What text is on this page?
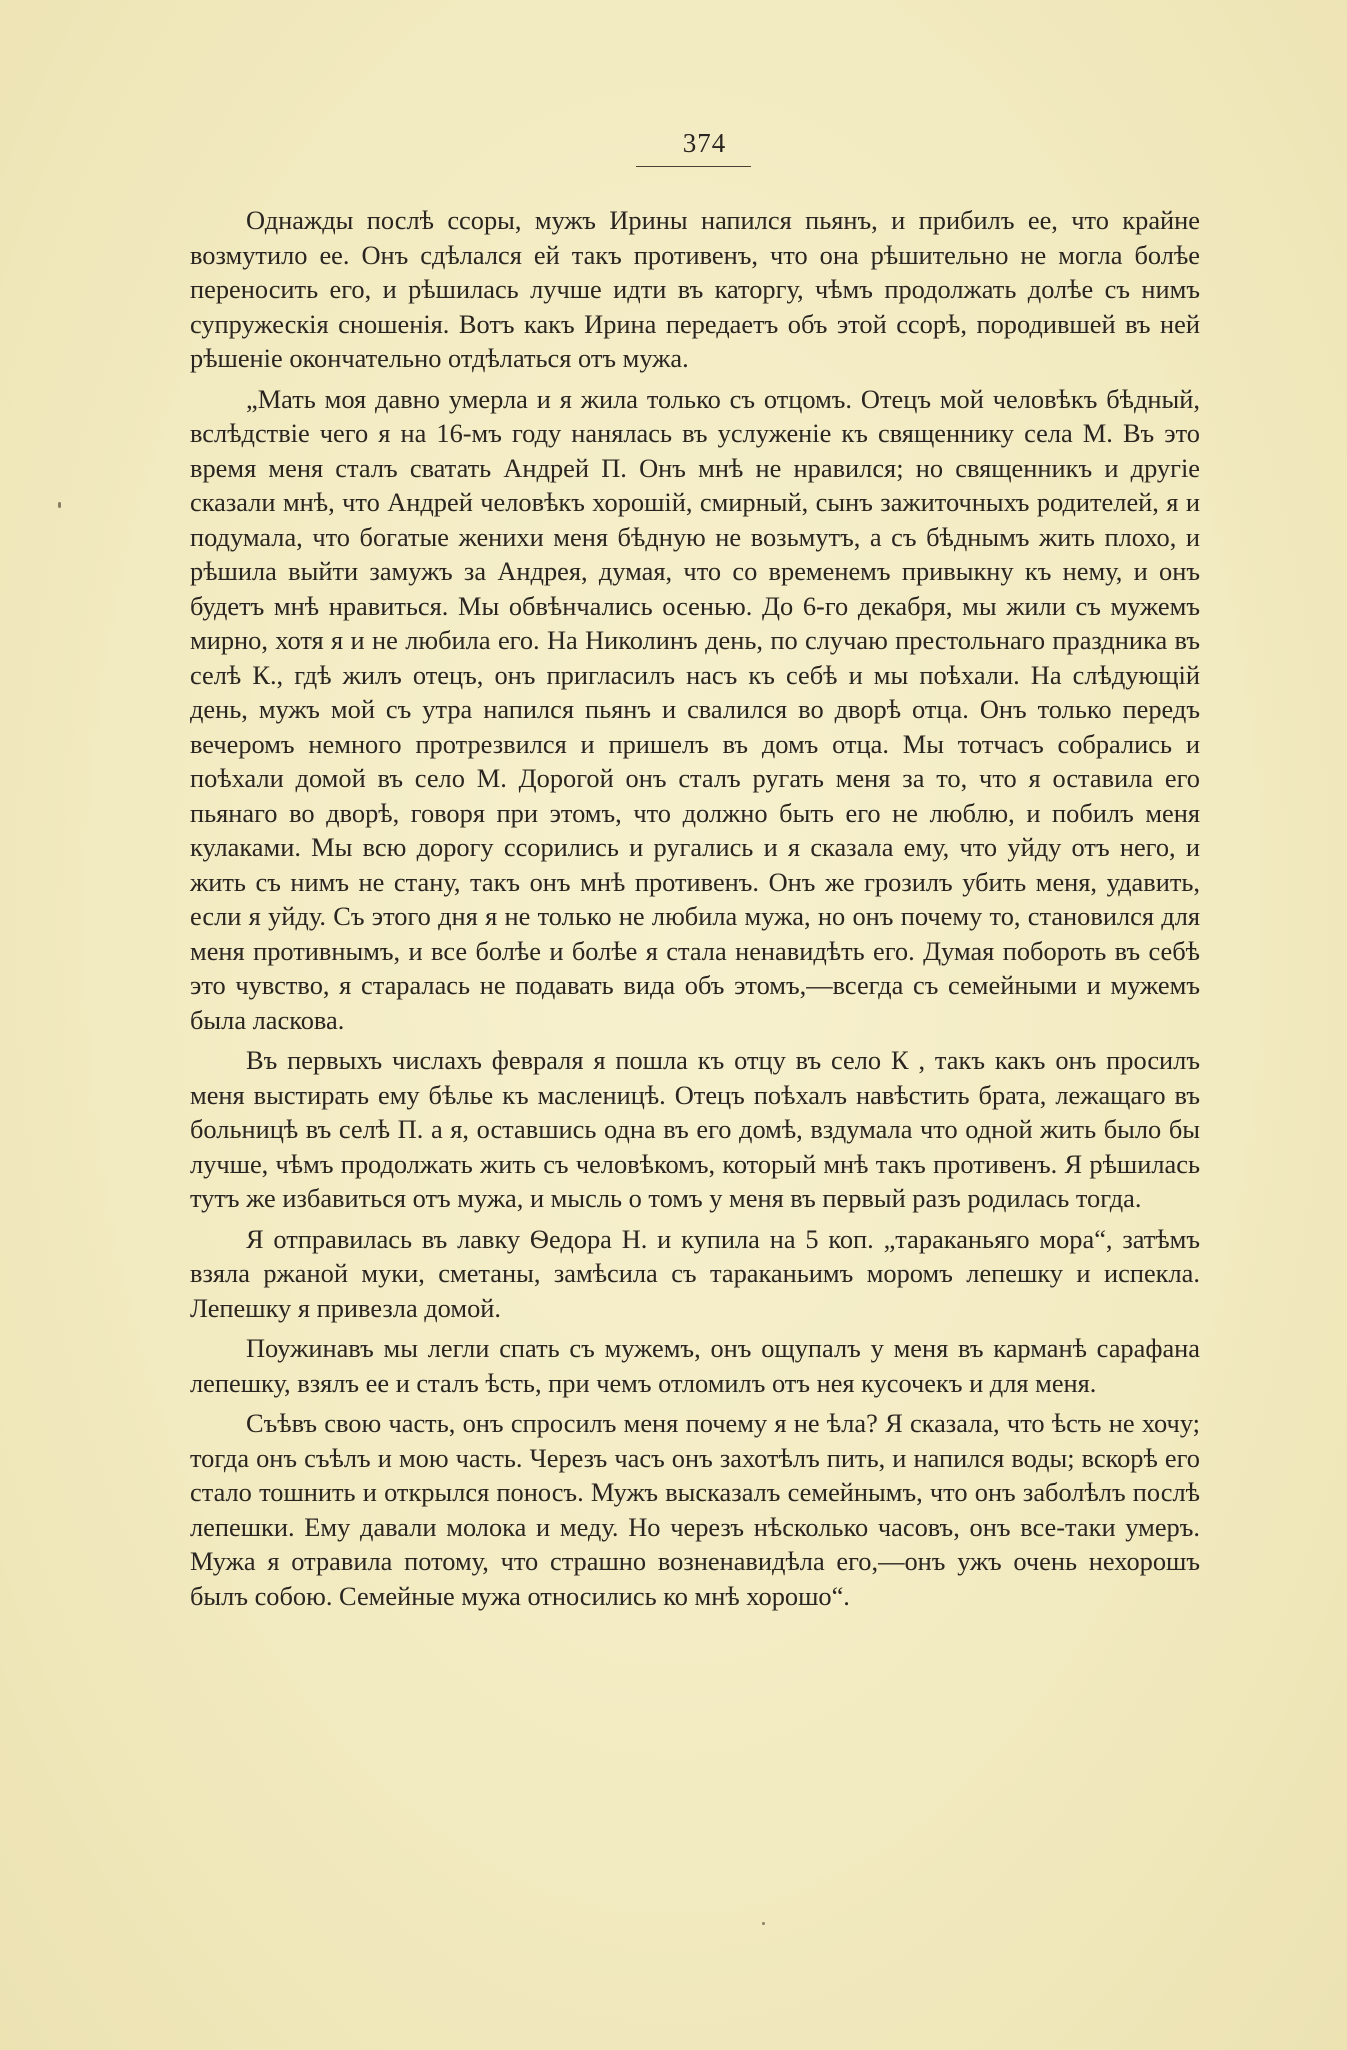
374

Однажды послѣ ссоры, мужъ Ирины напился пьянъ, и прибилъ ее, что крайне возмутило ее. Онъ сдѣлался ей такъ противенъ, что она рѣшительно не могла болѣе переносить его, и рѣшилась лучше идти въ каторгу, чѣмъ продолжать долѣе съ нимъ супружескія сношенія. Вотъ какъ Ирина передаетъ объ этой ссорѣ, породившей въ ней рѣшеніе окончательно отдѣлаться отъ мужа.

„Мать моя давно умерла и я жила только съ отцомъ. Отецъ мой человѣкъ бѣдный, вслѣдствіе чего я на 16-мъ году нанялась въ услуженіе къ священнику села М. Въ это время меня сталъ сватать Андрей П. Онъ мнѣ не нравился; но священникъ и другіе сказали мнѣ, что Андрей человѣкъ хорошій, смирный, сынъ зажиточныхъ родителей, я и подумала, что богатые женихи меня бѣдную не возьмутъ, а съ бѣднымъ жить плохо, и рѣшила выйти замужъ за Андрея, думая, что со временемъ привыкну къ нему, и онъ будетъ мнѣ нравиться. Мы обвѣнчались осенью. До 6-го декабря, мы жили съ мужемъ мирно, хотя я и не любила его. На Николинъ день, по случаю престольнаго праздника въ селѣ К., гдѣ жилъ отецъ, онъ пригласилъ насъ къ себѣ и мы поѣхали. На слѣдующій день, мужъ мой съ утра напился пьянъ и свалился во дворѣ отца. Онъ только передъ вечеромъ немного протрезвился и пришелъ въ домъ отца. Мы тотчасъ собрались и поѣхали домой въ село М. Дорогой онъ сталъ ругать меня за то, что я оставила его пьянаго во дворѣ, говоря при этомъ, что должно быть его не люблю, и побилъ меня кулаками. Мы всю дорогу ссорились и ругались и я сказала ему, что уйду отъ него, и жить съ нимъ не стану, такъ онъ мнѣ противенъ. Онъ же грозилъ убить меня, удавить, если я уйду. Съ этого дня я не только не любила мужа, но онъ почему то, становился для меня противнымъ, и все болѣе и болѣе я стала ненавидѣть его. Думая побороть въ себѣ это чувство, я старалась не подавать вида объ этомъ,—всегда съ семейными и мужемъ была ласкова.

Въ первыхъ числахъ февраля я пошла къ отцу въ село К , такъ какъ онъ просилъ меня выстирать ему бѣлье къ масленицѣ. Отецъ поѣхалъ навѣстить брата, лежащаго въ больницѣ въ селѣ П. а я, оставшись одна въ его домѣ, вздумала что одной жить было бы лучше, чѣмъ продолжать жить съ человѣкомъ, который мнѣ такъ противенъ. Я рѣшилась тутъ же избавиться отъ мужа, и мысль о томъ у меня въ первый разъ родилась тогда.

Я отправилась въ лавку Ѳедора Н. и купила на 5 коп. „тараканьяго мора“, затѣмъ взяла ржаной муки, сметаны, замѣсила съ тараканьимъ моромъ лепешку и испекла. Лепешку я привезла домой.

Поужинавъ мы легли спать съ мужемъ, онъ ощупалъ у меня въ карманѣ сарафана лепешку, взялъ ее и сталъ ѣсть, при чемъ отломилъ отъ нея кусочекъ и для меня.

Съѣвъ свою часть, онъ спросилъ меня почему я не ѣла? Я сказала, что ѣсть не хочу; тогда онъ съѣлъ и мою часть. Черезъ часъ онъ захотѣлъ пить, и напился воды; вскорѣ его стало тошнить и открылся поносъ. Мужъ высказалъ семейнымъ, что онъ заболѣлъ послѣ лепешки. Ему давали молока и меду. Но черезъ нѣсколько часовъ, онъ все-таки умеръ. Мужа я отравила потому, что страшно возненавидѣла его,—онъ ужъ очень нехорошъ былъ собою. Семейные мужа относились ко мнѣ хорошо“.
